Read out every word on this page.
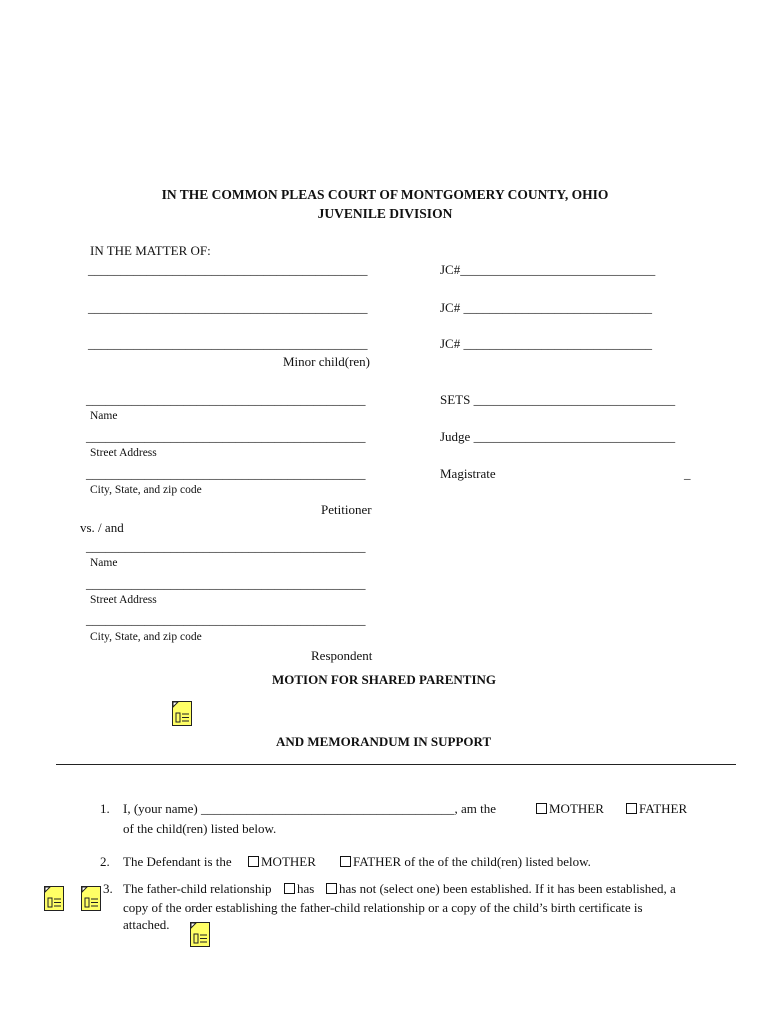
IN THE COMMON PLEAS COURT OF MONTGOMERY COUNTY, OHIO
JUVENILE DIVISION
IN THE MATTER OF:
___________________________________________
___________________________________________
___________________________________________
Minor child(ren)
JC#______________________________
JC# _____________________________
JC# _____________________________
___________________________________________
Name
___________________________________________
Street Address
___________________________________________
City, State, and zip code
Petitioner
SETS _______________________________
Judge _______________________________
Magistrate	_
vs. / and
___________________________________________
Name
___________________________________________
Street Address
___________________________________________
City, State, and zip code
Respondent
MOTION FOR SHARED PARENTING
AND MEMORANDUM IN SUPPORT
1. I, (your name) _______________________________________, am the	MOTHER	FATHER
of the child(ren) listed below.
2. The Defendant is the	MOTHER	FATHER of the of the child(ren) listed below.
3. The father-child relationship	has	has not (select one) been established. If it has been established, a
copy of the order establishing the father-child relationship or a copy of the child’s birth certificate is
attached.
